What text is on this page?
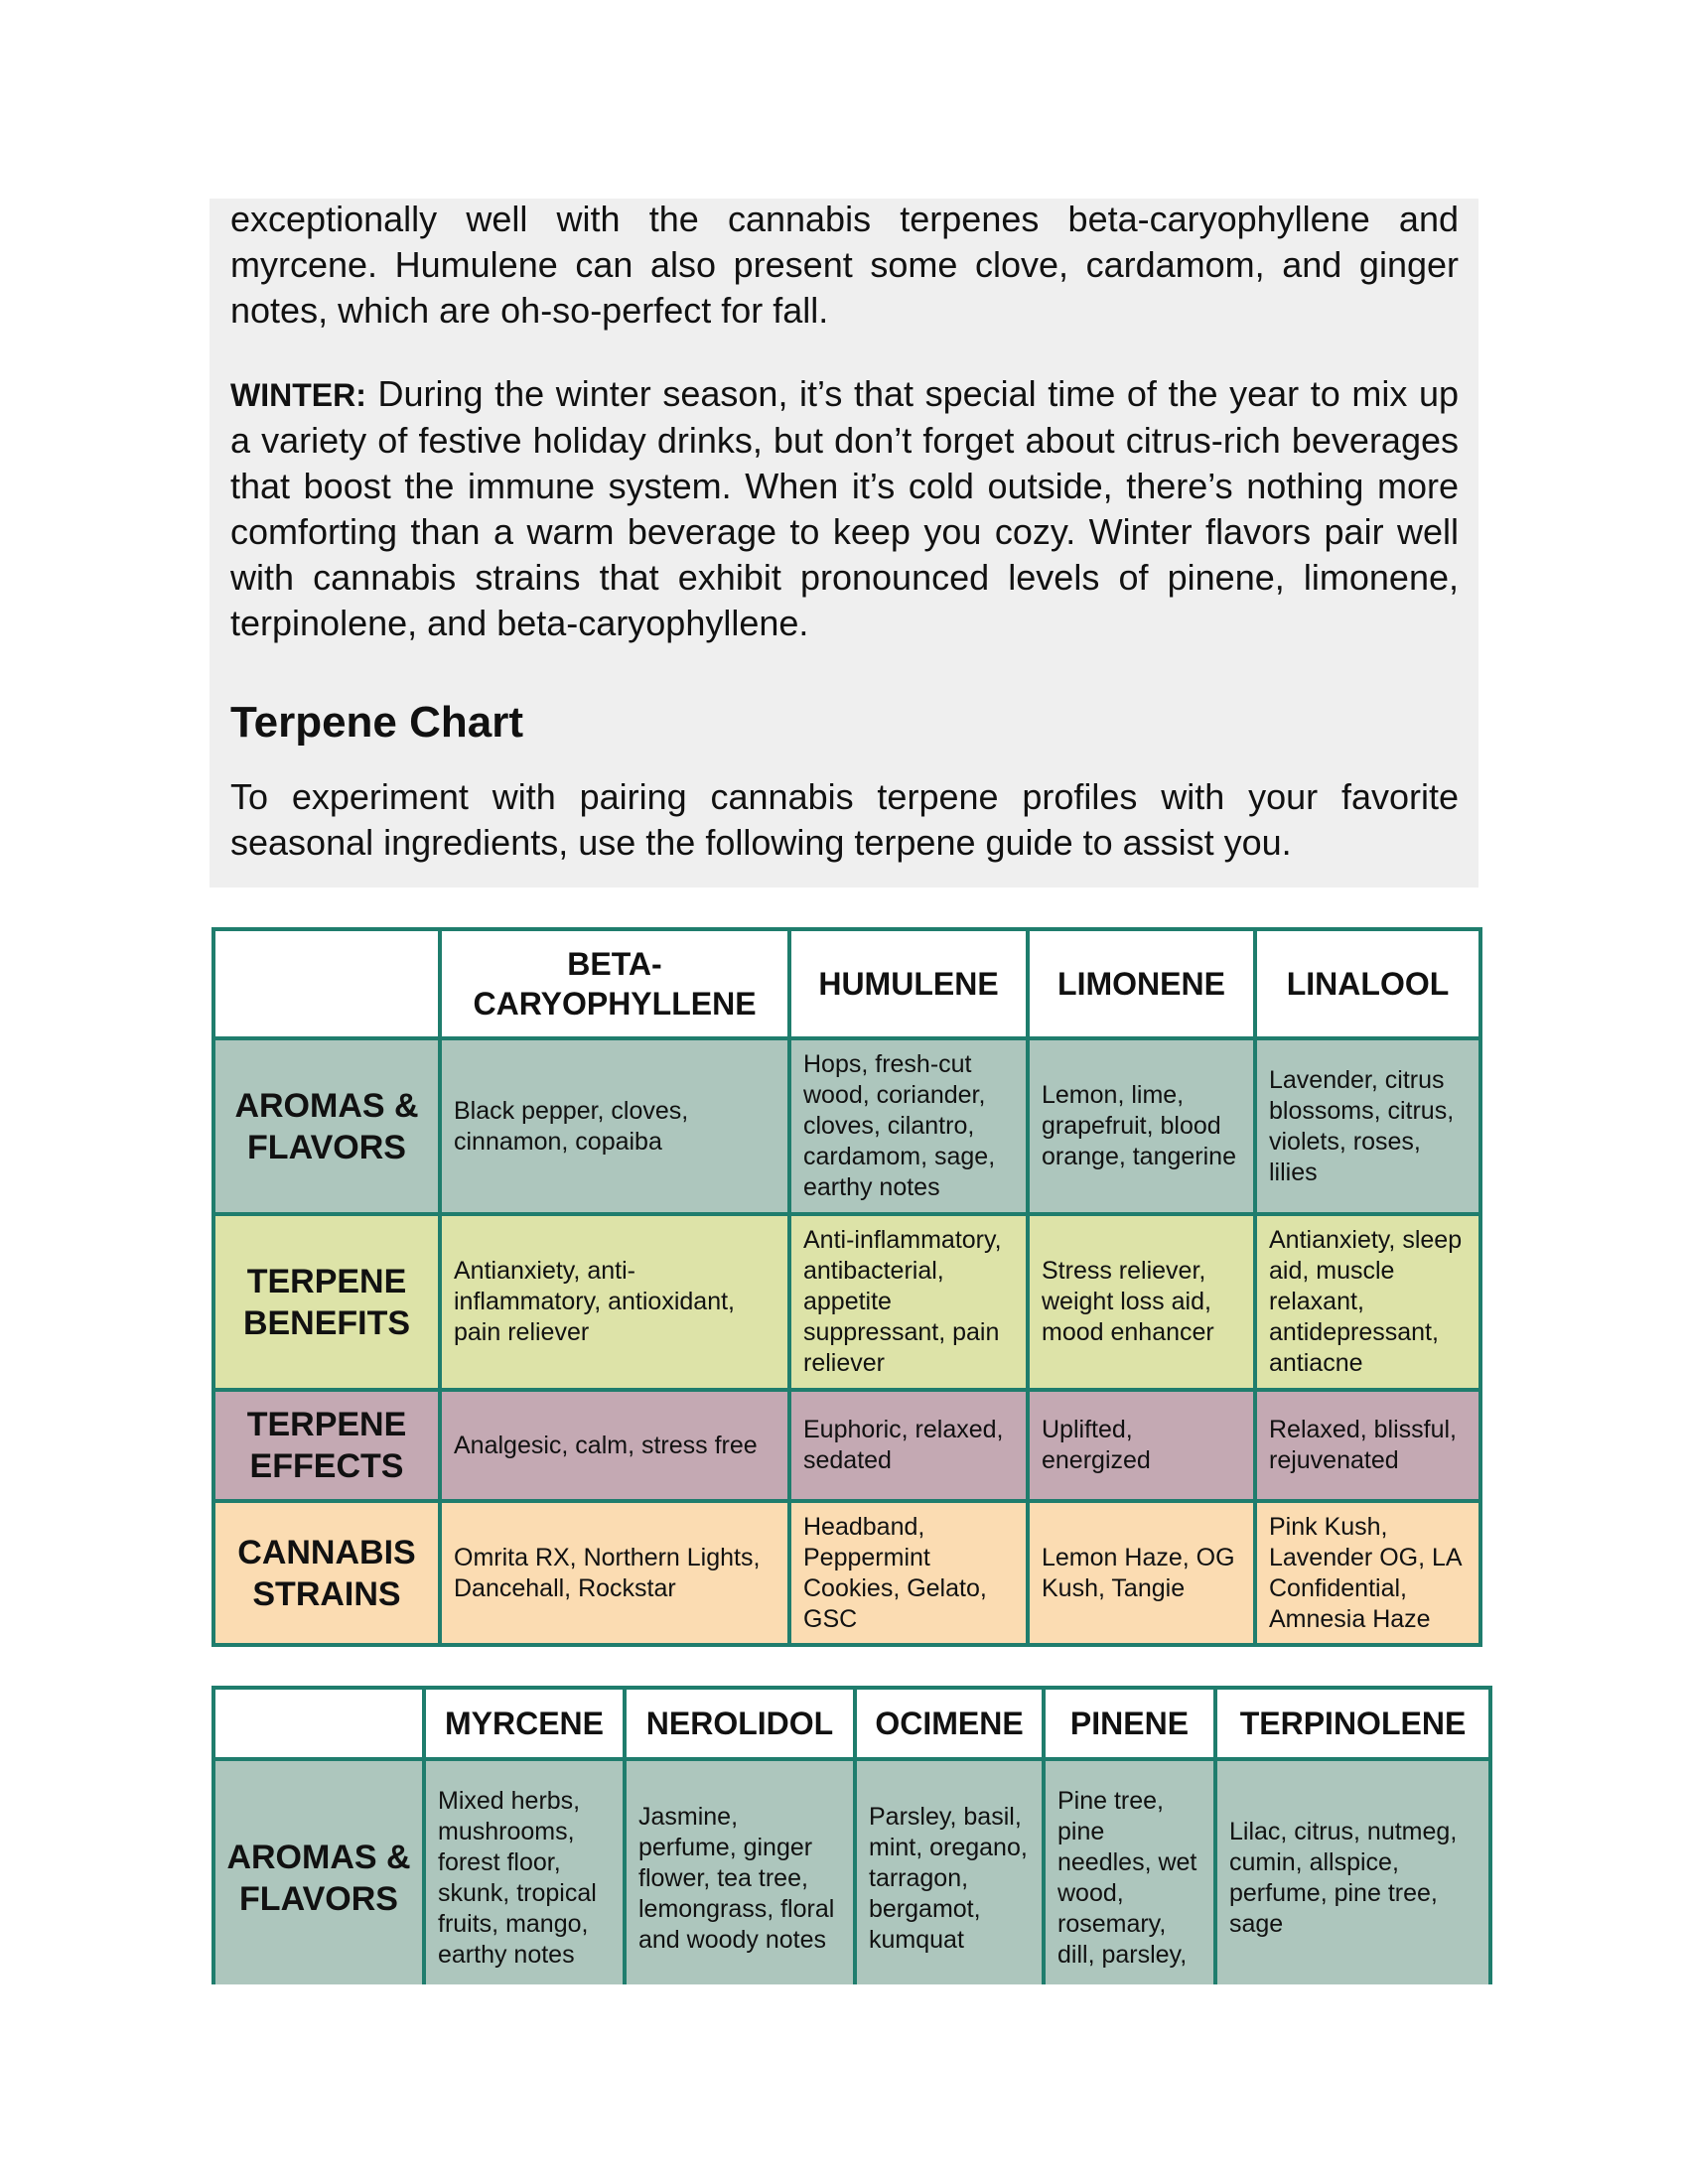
exceptionally well with the cannabis terpenes beta-caryophyllene and myrcene. Humulene can also present some clove, cardamom, and ginger notes, which are oh-so-perfect for fall.

WINTER: During the winter season, it’s that special time of the year to mix up a variety of festive holiday drinks, but don’t forget about citrus-rich beverages that boost the immune system. When it’s cold outside, there’s nothing more comforting than a warm beverage to keep you cozy. Winter flavors pair well with cannabis strains that exhibit pronounced levels of pinene, limonene, terpinolene, and beta-caryophyllene.

Terpene Chart

To experiment with pairing cannabis terpene profiles with your favorite seasonal ingredients, use the following terpene guide to assist you.

	BETA-CARYOPHYLLENE	HUMULENE	LIMONENE	LINALOOL
AROMAS & FLAVORS	Black pepper, cloves, cinnamon, copaiba	Hops, fresh-cut wood, coriander, cloves, cilantro, cardamom, sage, earthy notes	Lemon, lime, grapefruit, blood orange, tangerine	Lavender, citrus blossoms, citrus, violets, roses, lilies
TERPENE BENEFITS	Antianxiety, anti-inflammatory, antioxidant, pain reliever	Anti-inflammatory, antibacterial, appetite suppressant, pain reliever	Stress reliever, weight loss aid, mood enhancer	Antianxiety, sleep aid, muscle relaxant, antidepressant, antiacne
TERPENE EFFECTS	Analgesic, calm, stress free	Euphoric, relaxed, sedated	Uplifted, energized	Relaxed, blissful, rejuvenated
CANNABIS STRAINS	Omrita RX, Northern Lights, Dancehall, Rockstar	Headband, Peppermint Cookies, Gelato, GSC	Lemon Haze, OG Kush, Tangie	Pink Kush, Lavender OG, LA Confidential, Amnesia Haze
	MYRCENE	NEROLIDOL	OCIMENE	PINENE	TERPINOLENE
AROMAS & FLAVORS	Mixed herbs, mushrooms, forest floor, skunk, tropical fruits, mango, earthy notes	Jasmine, perfume, ginger flower, tea tree, lemongrass, floral and woody notes	Parsley, basil, mint, oregano, tarragon, bergamot, kumquat	Pine tree, pine needles, wet wood, rosemary, dill, parsley,	Lilac, citrus, nutmeg, cumin, allspice, perfume, pine tree, sage
